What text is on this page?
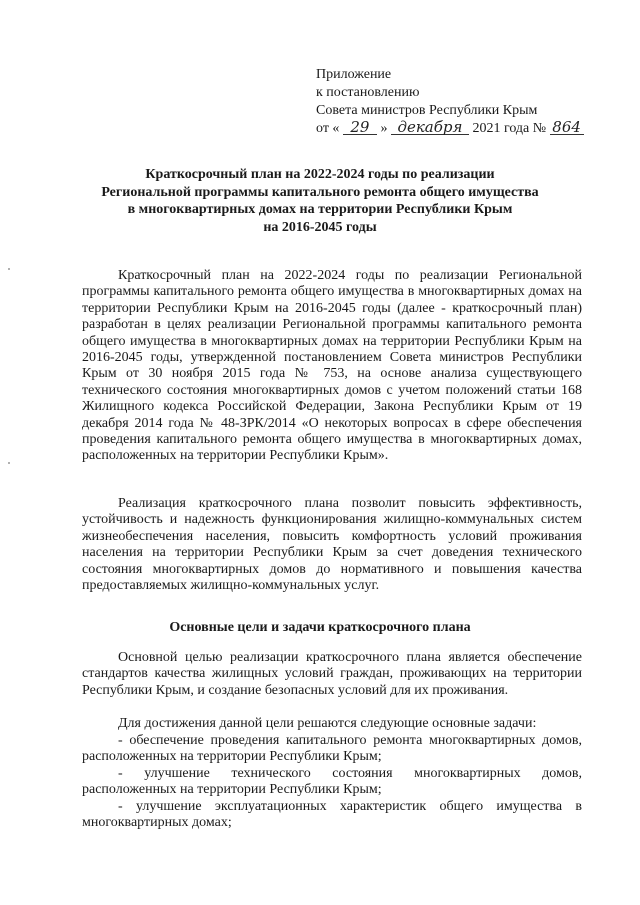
Приложение
к постановлению
Совета министров Республики Крым
от « 29 » декабря 2021 года № 864
Краткосрочный план на 2022-2024 годы по реализации
Региональной программы капитального ремонта общего имущества
в многоквартирных домах на территории Республики Крым
на 2016-2045 годы
Краткосрочный план на 2022-2024 годы по реализации Региональной программы капитального ремонта общего имущества в многоквартирных домах на территории Республики Крым на 2016-2045 годы (далее - краткосрочный план) разработан в целях реализации Региональной программы капитального ремонта общего имущества в многоквартирных домах на территории Республики Крым на 2016-2045 годы, утвержденной постановлением Совета министров Республики Крым от 30 ноября 2015 года № 753, на основе анализа существующего технического состояния многоквартирных домов с учетом положений статьи 168 Жилищного кодекса Российской Федерации, Закона Республики Крым от 19 декабря 2014 года № 48-ЗРК/2014 «О некоторых вопросах в сфере обеспечения проведения капитального ремонта общего имущества в многоквартирных домах, расположенных на территории Республики Крым».
Реализация краткосрочного плана позволит повысить эффективность, устойчивость и надежность функционирования жилищно-коммунальных систем жизнеобеспечения населения, повысить комфортность условий проживания населения на территории Республики Крым за счет доведения технического состояния многоквартирных домов до нормативного и повышения качества предоставляемых жилищно-коммунальных услуг.
Основные цели и задачи краткосрочного плана
Основной целью реализации краткосрочного плана является обеспечение стандартов качества жилищных условий граждан, проживающих на территории Республики Крым, и создание безопасных условий для их проживания.
Для достижения данной цели решаются следующие основные задачи:
- обеспечение проведения капитального ремонта многоквартирных домов, расположенных на территории Республики Крым;
- улучшение технического состояния многоквартирных домов, расположенных на территории Республики Крым;
- улучшение эксплуатационных характеристик общего имущества в многоквартирных домах;
